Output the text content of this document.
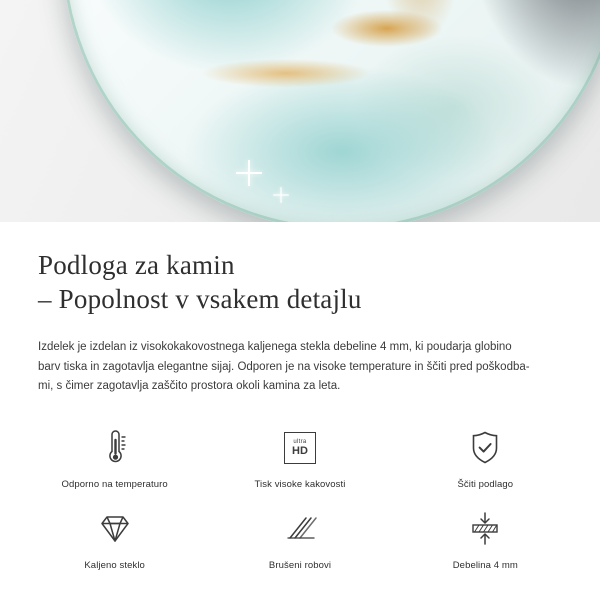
Podloga za kamin
– Popolnost v vsakem detajlu

Izdelek je izdelan iz visokokakovostnega kaljenega stekla debeline 4 mm, ki poudarja globino
barv tiska in zagotavlja elegantne sijaj. Odporen je na visoke temperature in ščiti pred poškodba-
mi, s čimer zagotavlja zaščito prostora okoli kamina za leta.

Odporno na temperaturo
ultra
HD
Tisk visoke kakovosti	Ščiti podlago
Kaljeno steklo	Brušeni robovi	Debelina 4 mm
